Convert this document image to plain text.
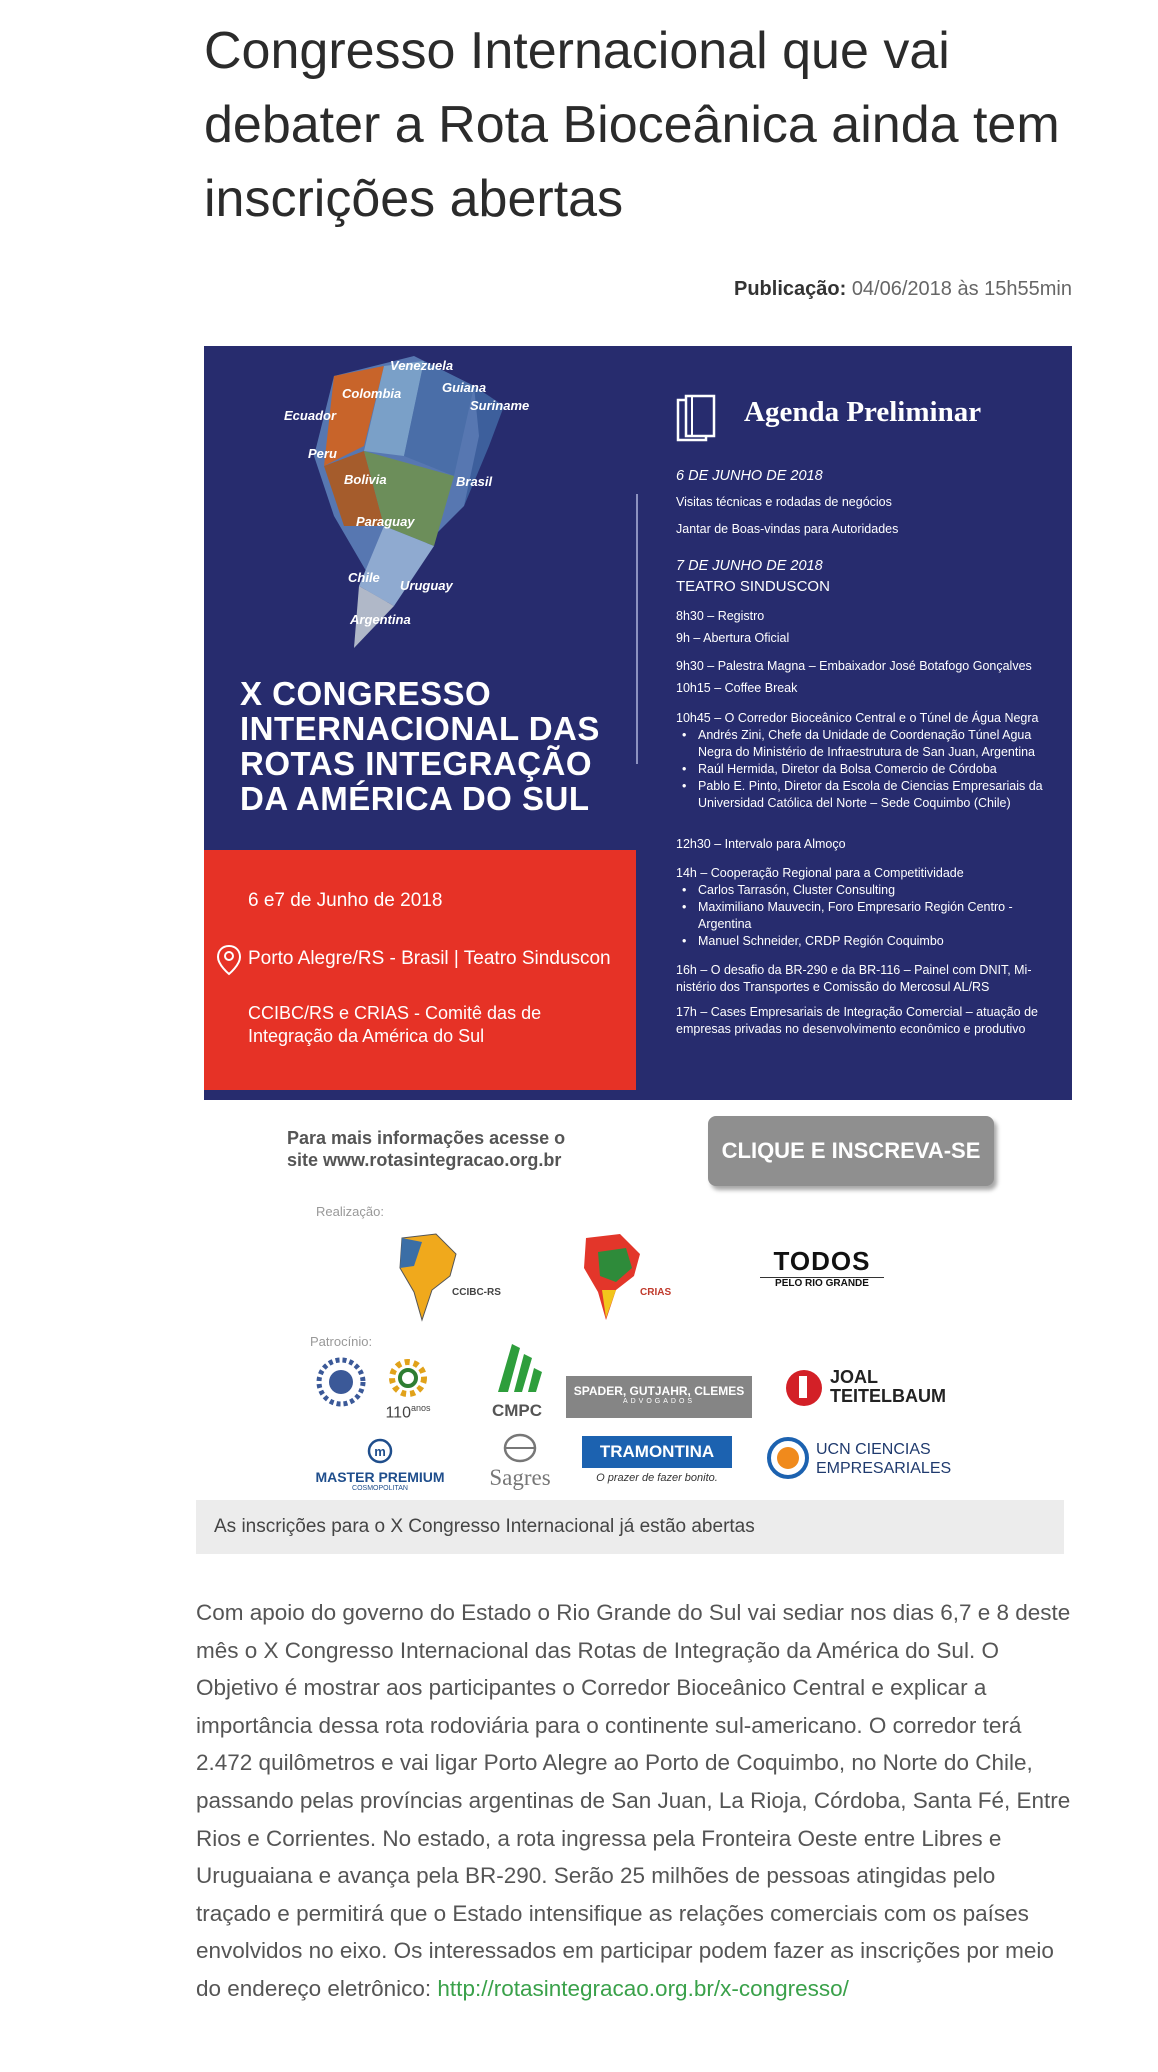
Congresso Internacional que vai debater a Rota Bioceânica ainda tem inscrições abertas
Publicação: 04/06/2018 às 15h55min
Venezuela
Guiana
Colombia
Suriname
Ecuador
Peru
Bolivia	Brasil
Paraguay
Chile
Uruguay
Argentina
X CONGRESSO
INTERNACIONAL DAS
ROTAS INTEGRAÇÃO
DA AMÉRICA DO SUL
6 e7 de Junho de 2018
Porto Alegre/RS - Brasil | Teatro Sinduscon
CCIBC/RS e CRIAS - Comitê das de
Integração da América do Sul
Agenda Preliminar
6 DE JUNHO DE 2018
Visitas técnicas e rodadas de negócios
Jantar de Boas-vindas para Autoridades
7 DE JUNHO DE 2018
TEATRO SINDUSCON
8h30 – Registro
9h – Abertura Oficial
9h30 – Palestra Magna – Embaixador José Botafogo Gonçalves
10h15 – Coffee Break
10h45 – O Corredor Bioceânico Central e o Túnel de Água Negra
• Andrés Zini, Chefe da Unidade de Coordenação Túnel Agua Negra do Ministério de Infraestrutura de San Juan, Argentina
• Raúl Hermida, Diretor da Bolsa Comercio de Córdoba
• Pablo E. Pinto, Diretor da Escola de Ciencias Empresariais da Universidad Católica del Norte – Sede Coquimbo (Chile)
12h30 – Intervalo para Almoço
14h – Cooperação Regional para a Competitividade
• Carlos Tarrasón, Cluster Consulting
• Maximiliano Mauvecin, Foro Empresario Región Centro - Argentina
• Manuel Schneider, CRDP Región Coquimbo
16h – O desafio da BR-290 e da BR-116 – Painel com DNIT, Mi-nistério dos Transportes e Comissão do Mercosul AL/RS
17h – Cases Empresariais de Integração Comercial – atuação de empresas privadas no desenvolvimento econômico e produtivo
Para mais informações acesse o
site www.rotasintegracao.org.br	CLIQUE E INSCREVA-SE
Realização:
CCIBC-RS	CRIAS
TODOS
PELO RIO GRANDE
Patrocínio:
$110^{anos}$	CMPC
SPADER, GUTJAHR, CLEMES
ADVOGADOS
JOAL TEITELBAUM
m
MASTER PREMIUM
COSMOPOLITAN	Sagres
TRAMONTINA
O prazer de fazer bonito.
UCN CIENCIAS
EMPRESARIALES
As inscrições para o X Congresso Internacional já estão abertas

Com apoio do governo do Estado o Rio Grande do Sul vai sediar nos dias 6,7 e 8 deste mês o X Congresso Internacional das Rotas de Integração da América do Sul. O Objetivo é mostrar aos participantes o Corredor Bioceânico Central e explicar a importância dessa rota rodoviária para o continente sul-americano. O corredor terá 2.472 quilômetros e vai ligar Porto Alegre ao Porto de Coquimbo, no Norte do Chile, passando pelas províncias argentinas de San Juan, La Rioja, Córdoba, Santa Fé, Entre Rios e Corrientes. No estado, a rota ingressa pela Fronteira Oeste entre Libres e Uruguaiana e avança pela BR-290. Serão 25 milhões de pessoas atingidas pelo traçado e permitirá que o Estado intensifique as relações comerciais com os países envolvidos no eixo. Os interessados em participar podem fazer as inscrições por meio do endereço eletrônico: http://rotasintegracao.org.br/x-congresso/
